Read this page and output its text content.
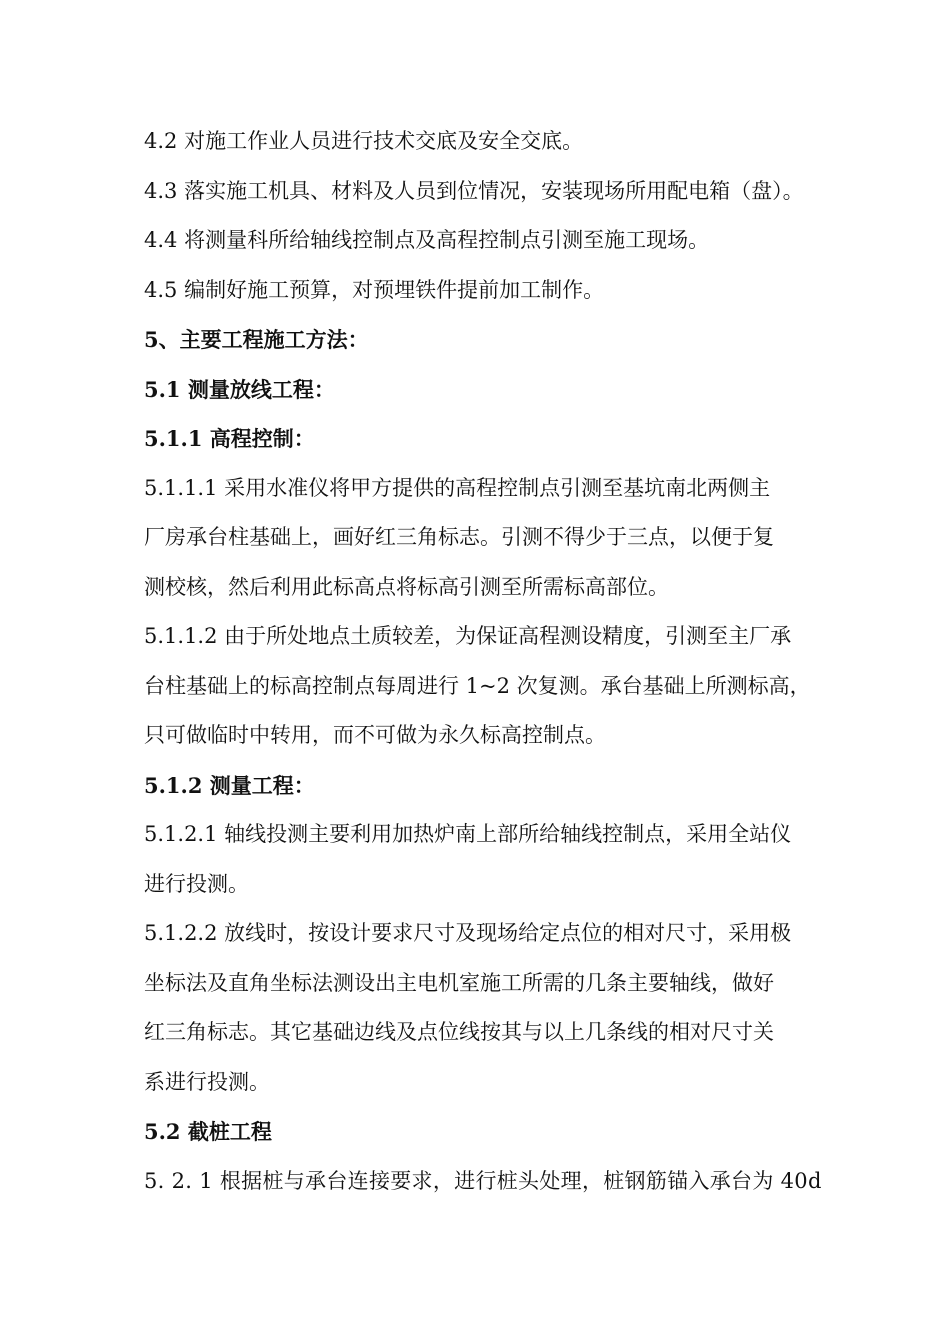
4.2 对施工作业人员进行技术交底及安全交底。
4.3 落实施工机具、材料及人员到位情况，安装现场所用配电箱（盘）。
4.4 将测量科所给轴线控制点及高程控制点引测至施工现场。
4.5 编制好施工预算，对预埋铁件提前加工制作。
5、主要工程施工方法：
5.1 测量放线工程：
5.1.1 高程控制：
5.1.1.1 采用水准仪将甲方提供的高程控制点引测至基坑南北两侧主
厂房承台柱基础上，画好红三角标志。引测不得少于三点，以便于复
测校核，然后利用此标高点将标高引测至所需标高部位。
5.1.1.2 由于所处地点土质较差，为保证高程测设精度，引测至主厂承
台柱基础上的标高控制点每周进行 1~2 次复测。承台基础上所测标高，
只可做临时中转用，而不可做为永久标高控制点。
5.1.2 测量工程：
5.1.2.1 轴线投测主要利用加热炉南上部所给轴线控制点，采用全站仪
进行投测。
5.1.2.2 放线时，按设计要求尺寸及现场给定点位的相对尺寸，采用极
坐标法及直角坐标法测设出主电机室施工所需的几条主要轴线，做好
红三角标志。其它基础边线及点位线按其与以上几条线的相对尺寸关
系进行投测。
5.2 截桩工程
5. 2. 1 根据桩与承台连接要求，进行桩头处理，桩钢筋锚入承台为 40d
